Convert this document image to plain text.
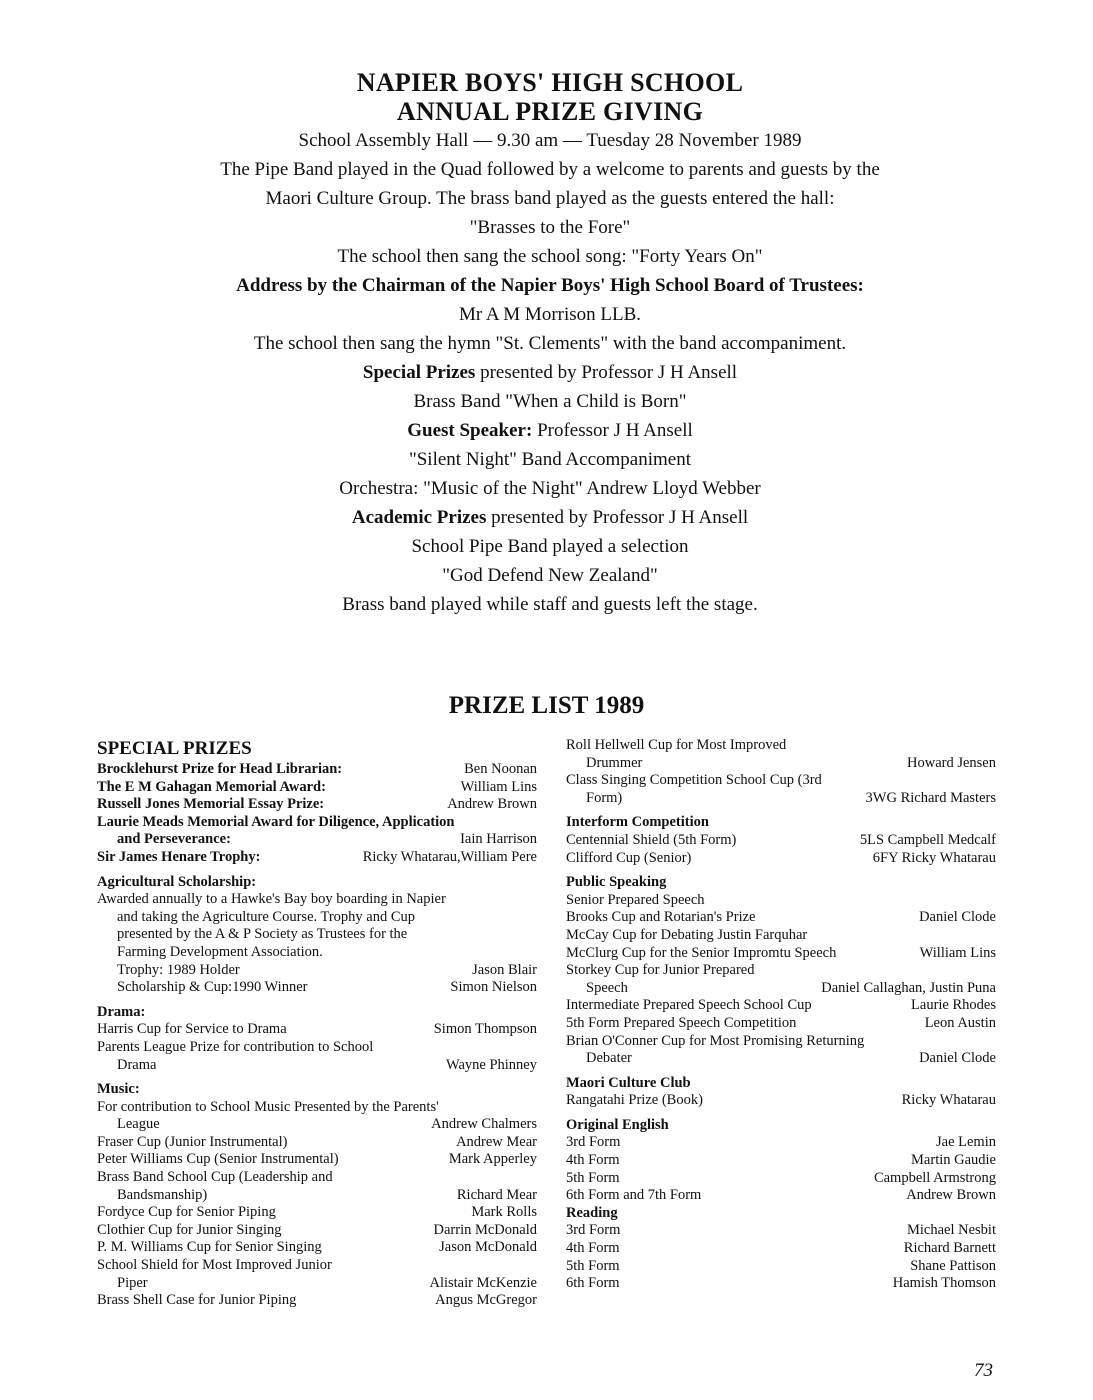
NAPIER BOYS' HIGH SCHOOL
ANNUAL PRIZE GIVING
School Assembly Hall — 9.30 am — Tuesday 28 November 1989
The Pipe Band played in the Quad followed by a welcome to parents and guests by the
Maori Culture Group. The brass band played as the guests entered the hall:
"Brasses to the Fore"
The school then sang the school song: "Forty Years On"
Address by the Chairman of the Napier Boys' High School Board of Trustees:
Mr A M Morrison LLB.
The school then sang the hymn "St. Clements" with the band accompaniment.
Special Prizes presented by Professor J H Ansell
Brass Band "When a Child is Born"
Guest Speaker: Professor J H Ansell
"Silent Night" Band Accompaniment
Orchestra: "Music of the Night" Andrew Lloyd Webber
Academic Prizes presented by Professor J H Ansell
School Pipe Band played a selection
"God Defend New Zealand"
Brass band played while staff and guests left the stage.
PRIZE LIST 1989
SPECIAL PRIZES
Brocklehurst Prize for Head Librarian:	Ben Noonan
The E M Gahagan Memorial Award:	William Lins
Russell Jones Memorial Essay Prize:	Andrew Brown
Laurie Meads Memorial Award for Diligence, Application
and Perseverance:	Iain Harrison
Sir James Henare Trophy:	Ricky Whatarau,William Pere
Agricultural Scholarship:
Awarded annually to a Hawke's Bay boy boarding in Napier
and taking the Agriculture Course. Trophy and Cup
presented by the A & P Society as Trustees for the
Farming Development Association.
Trophy: 1989 Holder	Jason Blair
Scholarship & Cup:1990 Winner	Simon Nielson
Drama:
Harris Cup for Service to Drama	Simon Thompson
Parents League Prize for contribution to School
Drama	Wayne Phinney
Music:
For contribution to School Music Presented by the Parents'
League	Andrew Chalmers
Fraser Cup (Junior Instrumental)	Andrew Mear
Peter Williams Cup (Senior Instrumental)	Mark Apperley
Brass Band School Cup (Leadership and
Bandsmanship)	Richard Mear
Fordyce Cup for Senior Piping	Mark Rolls
Clothier Cup for Junior Singing	Darrin McDonald
P. M. Williams Cup for Senior Singing	Jason McDonald
School Shield for Most Improved Junior
Piper	Alistair McKenzie
Brass Shell Case for Junior Piping	Angus McGregor
Roll Hellwell Cup for Most Improved
Drummer	Howard Jensen
Class Singing Competition School Cup (3rd
Form)	3WG Richard Masters
Interform Competition
Centennial Shield (5th Form)	5LS Campbell Medcalf
Clifford Cup (Senior)	6FY Ricky Whatarau
Public Speaking
Senior Prepared Speech
Brooks Cup and Rotarian's Prize	Daniel Clode
McCay Cup for Debating Justin Farquhar
McClurg Cup for the Senior Impromtu Speech	William Lins
Storkey Cup for Junior Prepared
Speech	Daniel Callaghan, Justin Puna
Intermediate Prepared Speech School Cup	Laurie Rhodes
5th Form Prepared Speech Competition	Leon Austin
Brian O'Conner Cup for Most Promising Returning
Debater	Daniel Clode
Maori Culture Club
Rangatahi Prize (Book)	Ricky Whatarau
Original English
3rd Form	Jae Lemin
4th Form	Martin Gaudie
5th Form	Campbell Armstrong
6th Form and 7th Form	Andrew Brown
Reading
3rd Form	Michael Nesbit
4th Form	Richard Barnett
5th Form	Shane Pattison
6th Form	Hamish Thomson
73
